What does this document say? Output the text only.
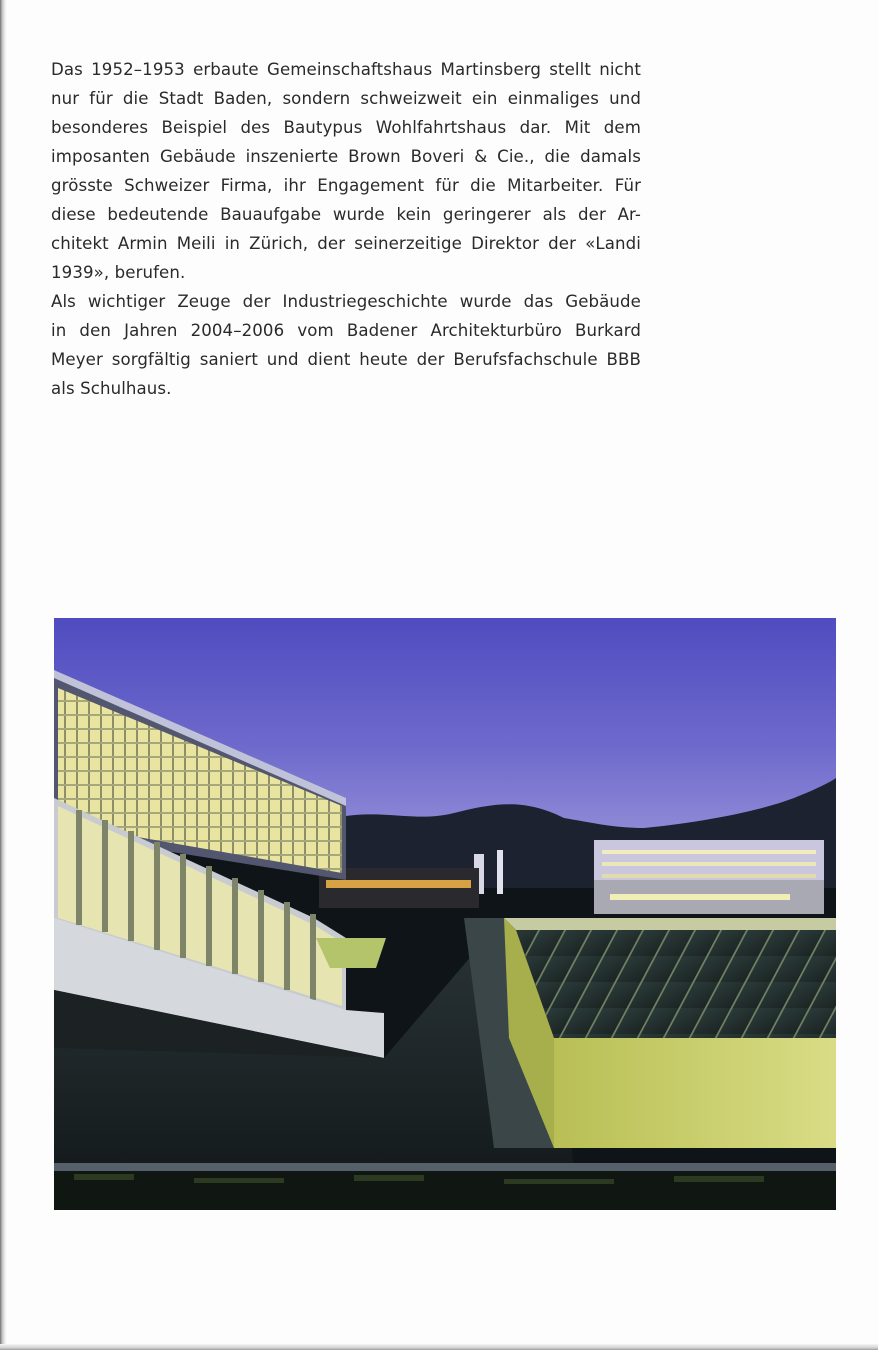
Das 1952–1953 erbaute Gemeinschaftshaus Martinsberg stellt nicht
nur für die Stadt Baden, sondern schweizweit ein einmaliges und
besonderes Beispiel des Bautypus Wohlfahrtshaus dar. Mit dem
imposanten Gebäude inszenierte Brown Boveri & Cie., die damals
grösste Schweizer Firma, ihr Engagement für die Mitarbeiter. Für
diese bedeutende Bauaufgabe wurde kein geringerer als der Ar-
chitekt Armin Meili in Zürich, der seinerzeitige Direktor der «Landi
1939», berufen.

Als wichtiger Zeuge der Industriegeschichte wurde das Gebäude
in den Jahren 2004–2006 vom Badener Architekturbüro Burkard
Meyer sorgfältig saniert und dient heute der Berufsfachschule BBB
als Schulhaus.
